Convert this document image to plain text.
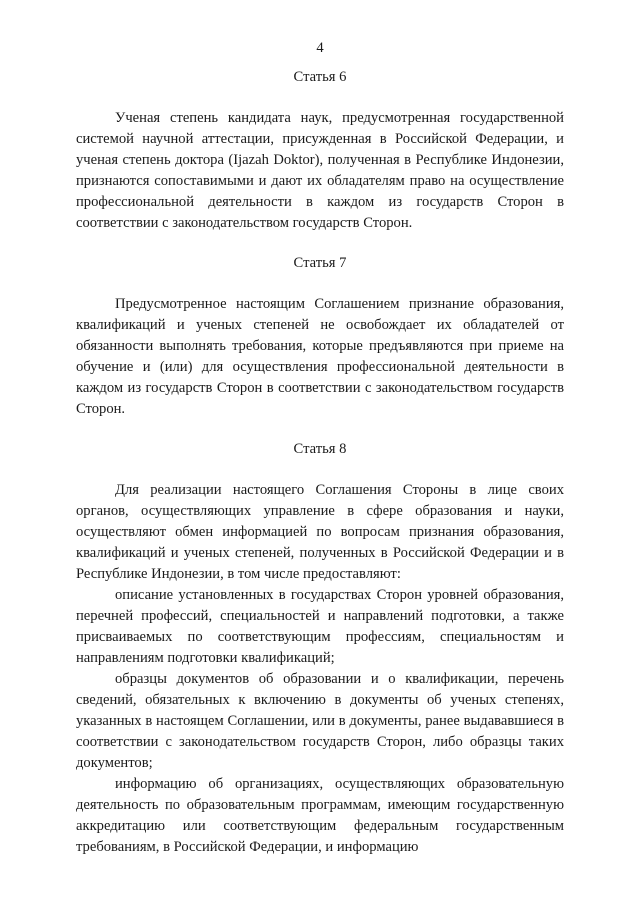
4
Статья 6

Ученая степень кандидата наук, предусмотренная государственной системой научной аттестации, присужденная в Российской Федерации, и ученая степень доктора (Ijazah Doktor), полученная в Республике Индонезии, признаются сопоставимыми и дают их обладателям право на осуществление профессиональной деятельности в каждом из государств Сторон в соответствии с законодательством государств Сторон.

Статья 7

Предусмотренное настоящим Соглашением признание образования, квалификаций и ученых степеней не освобождает их обладателей от обязанности выполнять требования, которые предъявляются при приеме на обучение и (или) для осуществления профессиональной деятельности в каждом из государств Сторон в соответствии с законодательством государств Сторон.

Статья 8

Для реализации настоящего Соглашения Стороны в лице своих органов, осуществляющих управление в сфере образования и науки, осуществляют обмен информацией по вопросам признания образования, квалификаций и ученых степеней, полученных в Российской Федерации и в Республике Индонезии, в том числе предоставляют:

описание установленных в государствах Сторон уровней образования, перечней профессий, специальностей и направлений подготовки, а также присваиваемых по соответствующим профессиям, специальностям и направлениям подготовки квалификаций;

образцы документов об образовании и о квалификации, перечень сведений, обязательных к включению в документы об ученых степенях, указанных в настоящем Соглашении, или в документы, ранее выдававшиеся в соответствии с законодательством государств Сторон, либо образцы таких документов;

информацию об организациях, осуществляющих образовательную деятельность по образовательным программам, имеющим государственную аккредитацию или соответствующим федеральным государственным требованиям, в Российской Федерации, и информацию
